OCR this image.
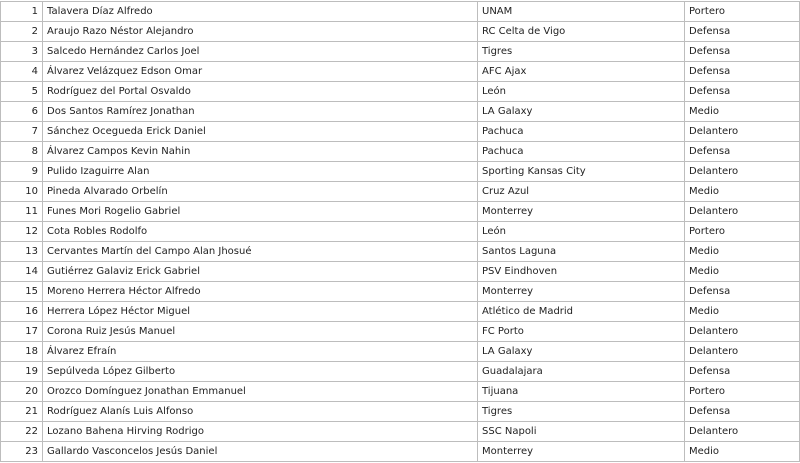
1	Talavera Díaz Alfredo	UNAM	Portero
2	Araujo Razo Néstor Alejandro	RC Celta de Vigo	Defensa
3	Salcedo Hernández Carlos Joel	Tigres	Defensa
4	Álvarez Velázquez Edson Omar	AFC Ajax	Defensa
5	Rodríguez del Portal Osvaldo	León	Defensa
6	Dos Santos Ramírez Jonathan	LA Galaxy	Medio
7	Sánchez Ocegueda Erick Daniel	Pachuca	Delantero
8	Álvarez Campos Kevin Nahin	Pachuca	Defensa
9	Pulido Izaguirre Alan	Sporting Kansas City	Delantero
10	Pineda Alvarado Orbelín	Cruz Azul	Medio
11	Funes Mori Rogelio Gabriel	Monterrey	Delantero
12	Cota Robles Rodolfo	León	Portero
13	Cervantes Martín del Campo Alan Jhosué	Santos Laguna	Medio
14	Gutiérrez Galaviz Erick Gabriel	PSV Eindhoven	Medio
15	Moreno Herrera Héctor Alfredo	Monterrey	Defensa
16	Herrera López Héctor Miguel	Atlético de Madrid	Medio
17	Corona Ruiz Jesús Manuel	FC Porto	Delantero
18	Álvarez Efraín	LA Galaxy	Delantero
19	Sepúlveda López Gilberto	Guadalajara	Defensa
20	Orozco Domínguez Jonathan Emmanuel	Tijuana	Portero
21	Rodríguez Alanís Luis Alfonso	Tigres	Defensa
22	Lozano Bahena Hirving Rodrigo	SSC Napoli	Delantero
23	Gallardo Vasconcelos Jesús Daniel	Monterrey	Medio
